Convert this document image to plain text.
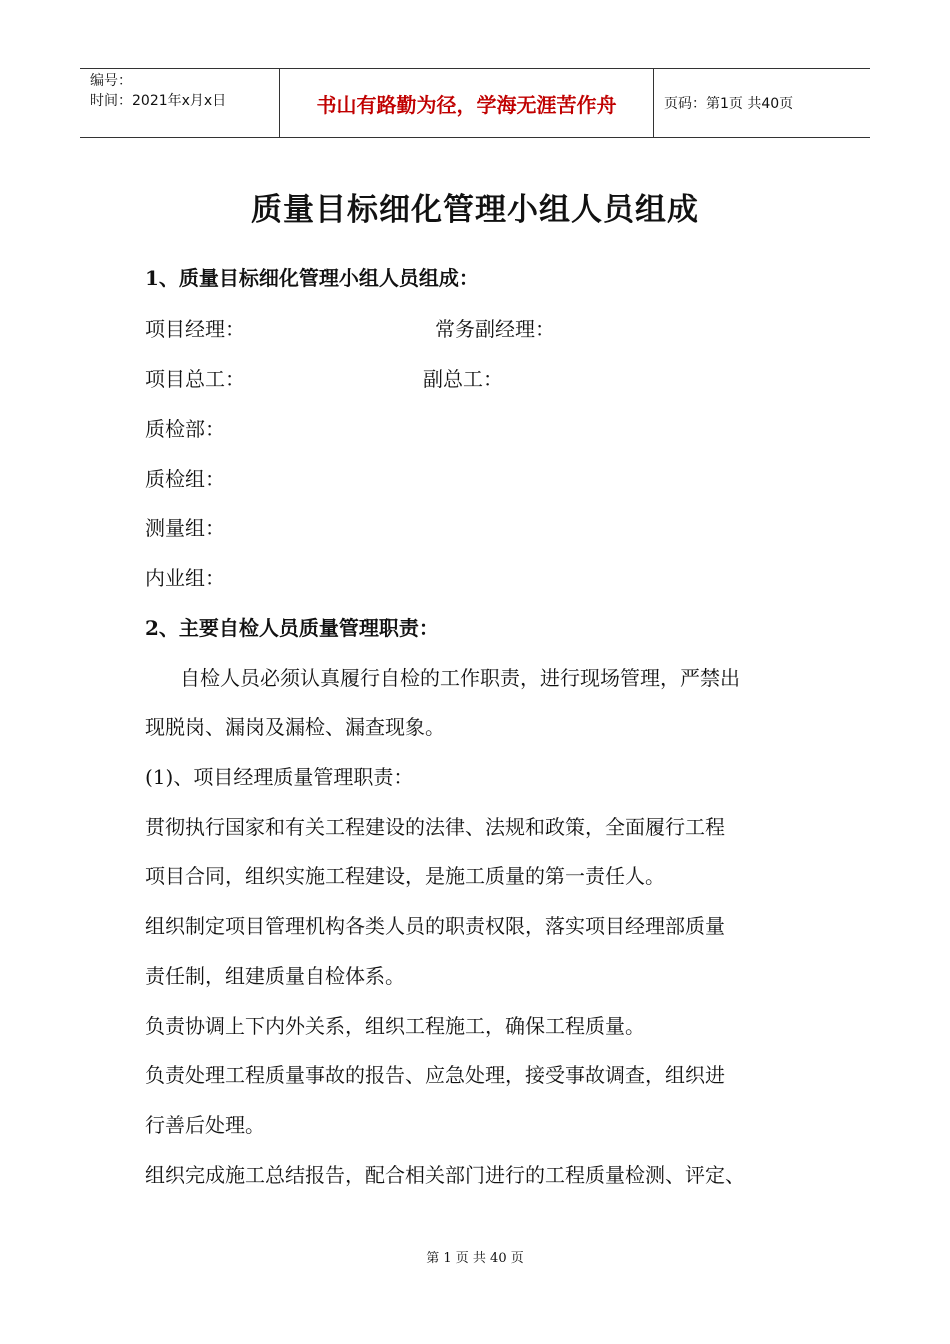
编号：
时间：2021年x月x日	书山有路勤为径，学海无涯苦作舟	页码：第1页 共40页
质量目标细化管理小组人员组成
1、质量目标细化管理小组人员组成：
项目经理：	常务副经理：
项目总工：	副总工：
质检部：
质检组：
测量组：
内业组：
2、主要自检人员质量管理职责：
自检人员必须认真履行自检的工作职责，进行现场管理，严禁出
现脱岗、漏岗及漏检、漏查现象。
(1)、项目经理质量管理职责：
贯彻执行国家和有关工程建设的法律、法规和政策，全面履行工程
项目合同，组织实施工程建设，是施工质量的第一责任人。
组织制定项目管理机构各类人员的职责权限，落实项目经理部质量
责任制，组建质量自检体系。
负责协调上下内外关系，组织工程施工，确保工程质量。
负责处理工程质量事故的报告、应急处理，接受事故调查，组织进
行善后处理。
组织完成施工总结报告，配合相关部门进行的工程质量检测、评定、
第 1 页 共 40 页
